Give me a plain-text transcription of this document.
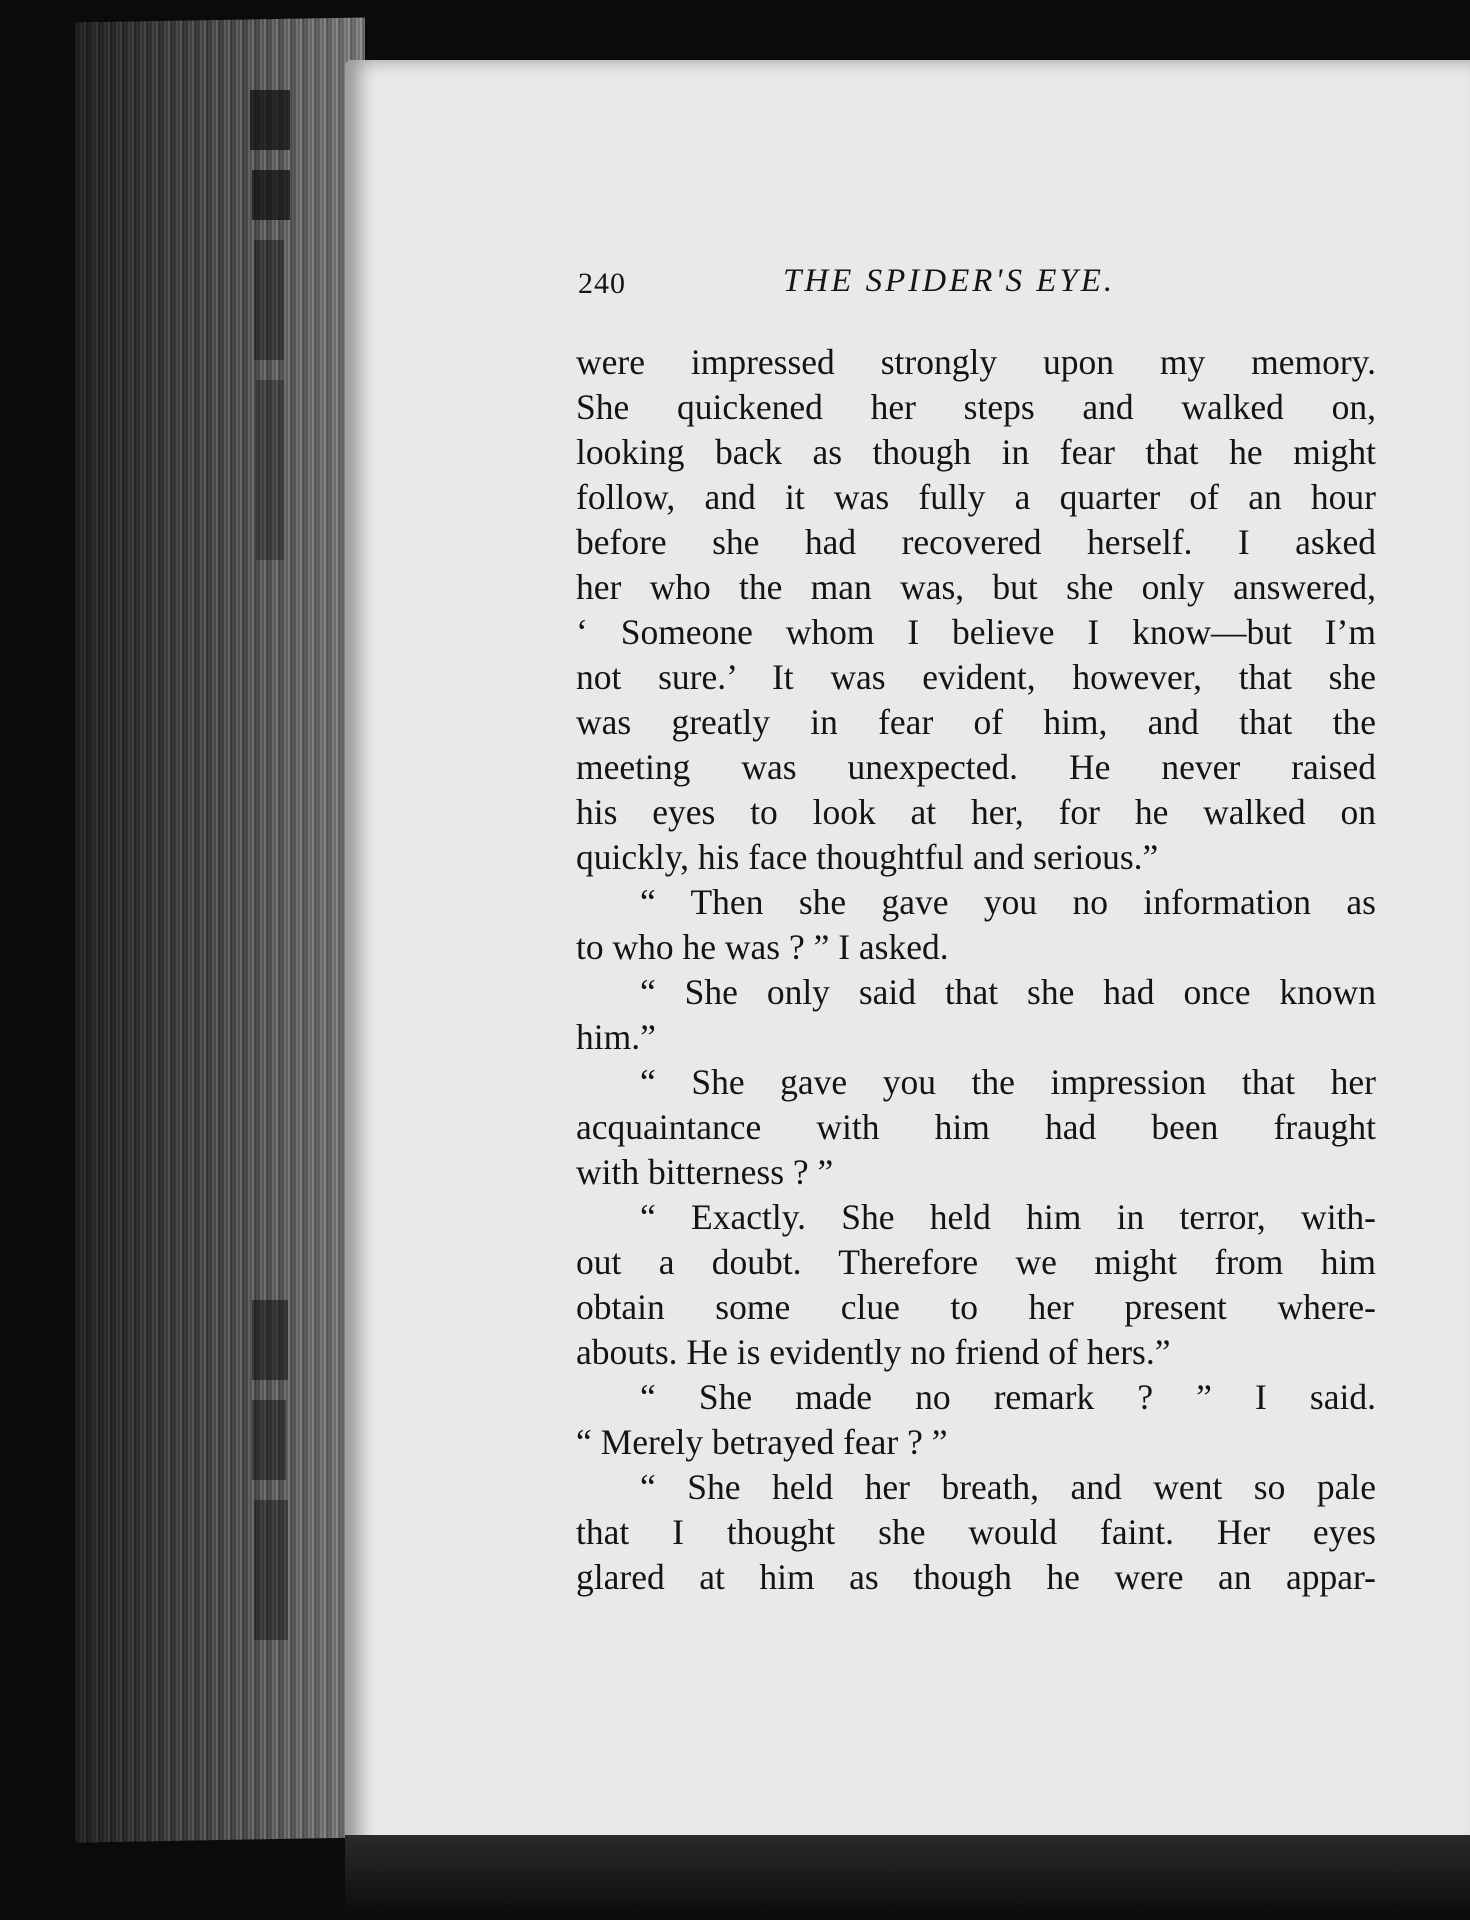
240	THE SPIDER'S EYE.
were impressed strongly upon my memory.
She quickened her steps and walked on,
looking back as though in fear that he might
follow, and it was fully a quarter of an hour
before she had recovered herself. I asked
her who the man was, but she only answered,
‘ Someone whom I believe I know—but I’m
not sure.’ It was evident, however, that she
was greatly in fear of him, and that the
meeting was unexpected. He never raised
his eyes to look at her, for he walked on
quickly, his face thoughtful and serious.”
“ Then she gave you no information as
to who he was ? ” I asked.
“ She only said that she had once known
him.”
“ She gave you the impression that her
acquaintance with him had been fraught
with bitterness ? ”
“ Exactly. She held him in terror, with-
out a doubt. Therefore we might from him
obtain some clue to her present where-
abouts. He is evidently no friend of hers.”
“ She made no remark ? ” I said.
“ Merely betrayed fear ? ”
“ She held her breath, and went so pale
that I thought she would faint. Her eyes
glared at him as though he were an appar-
